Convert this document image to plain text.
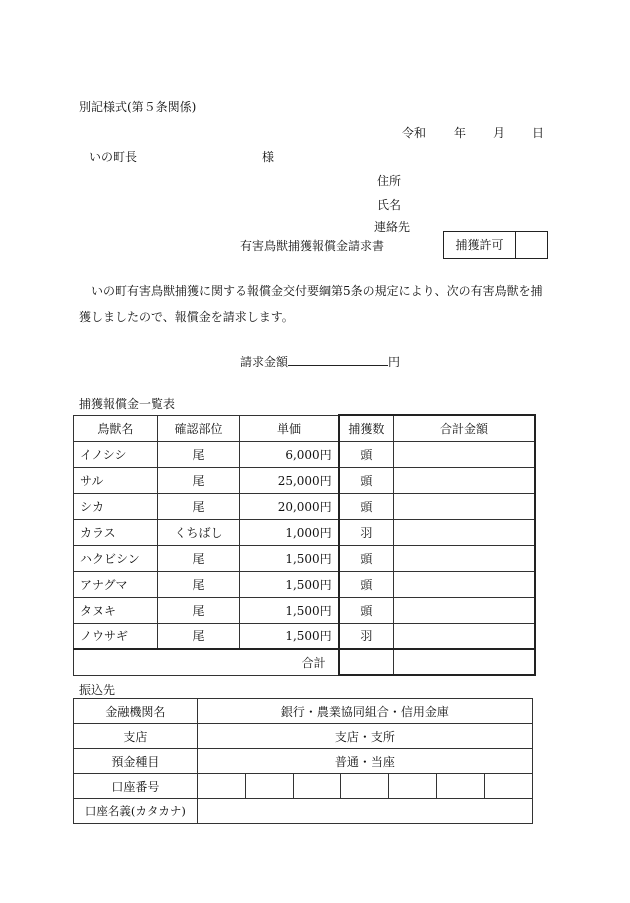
別記様式(第５条関係)
令和 年 月 日
いの町長	様
住所
氏名
連絡先
有害鳥獣捕獲報償金請求書	捕獲許可
いの町有害鳥獣捕獲に関する報償金交付要綱第5条の規定により、次の有害鳥獣を捕獲しましたので、報償金を請求します。
請求金額	円
捕獲報償金一覧表
鳥獣名	確認部位	単価	捕獲数	合計金額
イノシシ	尾	6,000円	頭	
サル	尾	25,000円	頭	
シカ	尾	20,000円	頭	
カラス	くちばし	1,000円	羽	
ハクビシン	尾	1,500円	頭	
アナグマ	尾	1,500円	頭	
タヌキ	尾	1,500円	頭	
ノウサギ	尾	1,500円	羽	
合計				
振込先
金融機関名	銀行・農業協同組合・信用金庫						
支店	支店・支所						
預金種目	普通・当座						
口座番号							
口座名義(カタカナ)							
